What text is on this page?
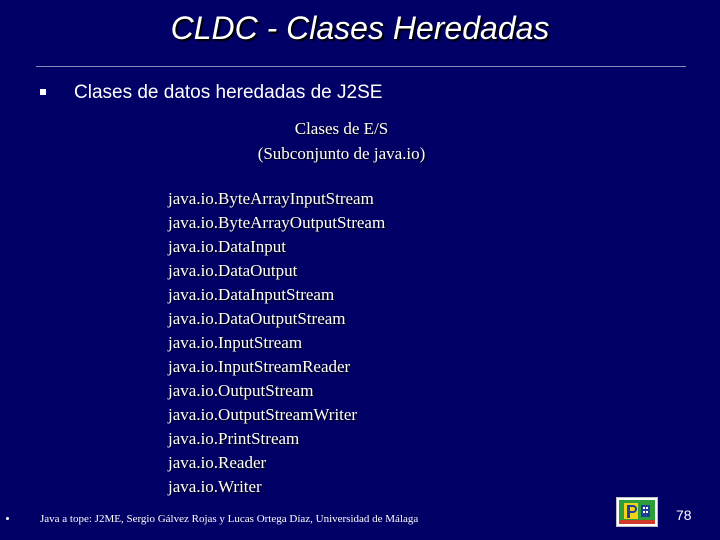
CLDC - Clases Heredadas
Clases de datos heredadas de J2SE
Clases de E/S
(Subconjunto de java.io)
java.io.ByteArrayInputStream
java.io.ByteArrayOutputStream
java.io.DataInput
java.io.DataOutput
java.io.DataInputStream
java.io.DataOutputStream
java.io.InputStream
java.io.InputStreamReader
java.io.OutputStream
java.io.OutputStreamWriter
java.io.PrintStream
java.io.Reader
java.io.Writer
Java a tope: J2ME, Sergio Gálvez Rojas y Lucas Ortega Díaz, Universidad de Málaga	78
